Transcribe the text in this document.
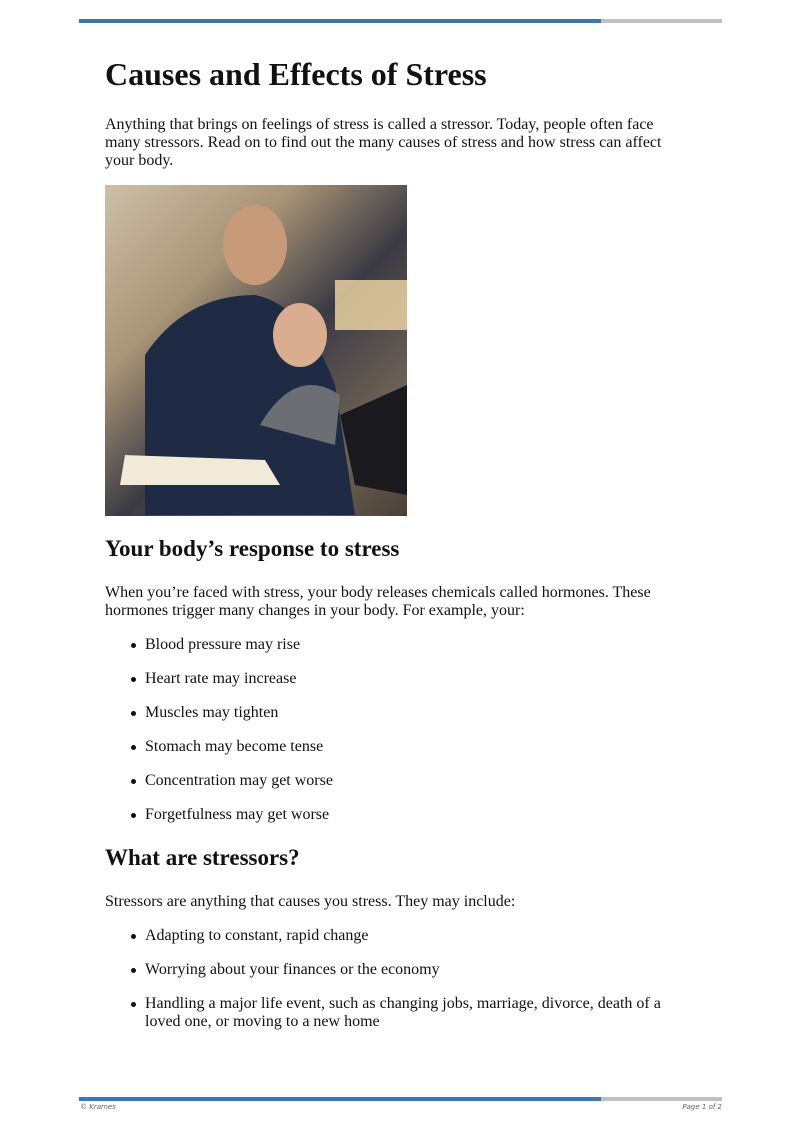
Causes and Effects of Stress

Anything that brings on feelings of stress is called a stressor. Today, people often face many stressors. Read on to find out the many causes of stress and how stress can affect your body.

Your body’s response to stress

When you’re faced with stress, your body releases chemicals called hormones. These hormones trigger many changes in your body. For example, your:

Blood pressure may rise
Heart rate may increase
Muscles may tighten
Stomach may become tense
Concentration may get worse
Forgetfulness may get worse
What are stressors?

Stressors are anything that causes you stress. They may include:

Adapting to constant, rapid change
Worrying about your finances or the economy
Handling a major life event, such as changing jobs, marriage, divorce, death of a loved one, or moving to a new home
© Krames	Page 1 of 2
